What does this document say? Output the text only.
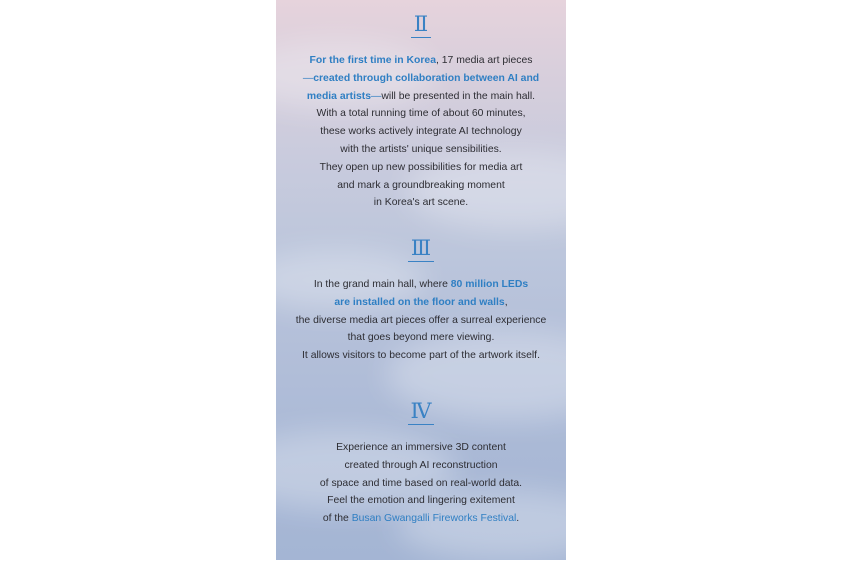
Ⅱ
For the first time in Korea, 17 media art pieces
—created through collaboration between AI and
media artists—will be presented in the main hall.
With a total running time of about 60 minutes,
these works actively integrate AI technology
with the artists' unique sensibilities.
They open up new possibilities for media art
and mark a groundbreaking moment
in Korea's art scene.
Ⅲ
In the grand main hall, where 80 million LEDs
are installed on the floor and walls,
the diverse media art pieces offer a surreal experience
that goes beyond mere viewing.
It allows visitors to become part of the artwork itself.
Ⅳ
Experience an immersive 3D content
created through AI reconstruction
of space and time based on real-world data.
Feel the emotion and lingering exitement
of the Busan Gwangalli Fireworks Festival.
